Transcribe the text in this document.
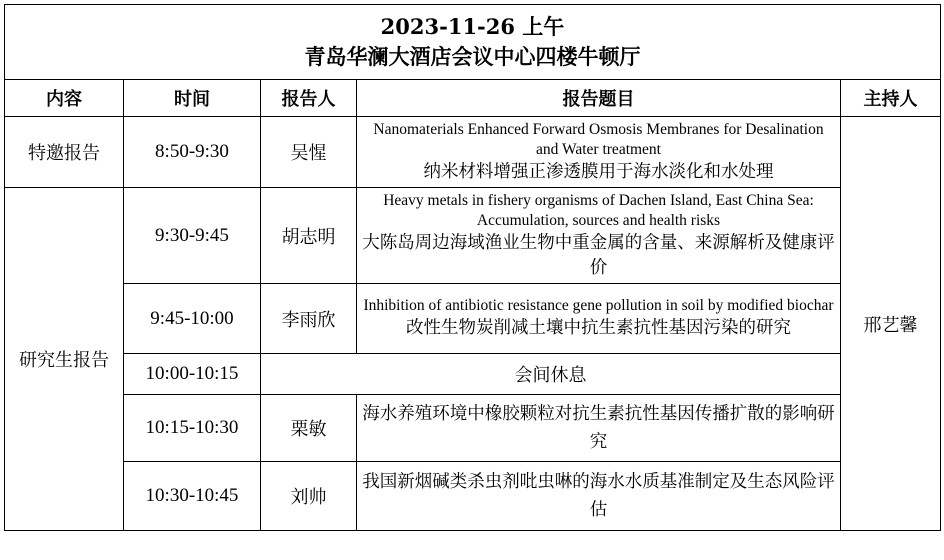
2023-11-26 上午
青岛华澜大酒店会议中心四楼牛顿厅				

内容	时间	报告人	报告题目	主持人
特邀报告	8:50-9:30	吴惺	Nanomaterials Enhanced Forward Osmosis Membranes for Desalination and Water treatment
纳米材料增强正渗透膜用于海水淡化和水处理	邢艺馨
研究生报告	9:30-9:45	胡志明	Heavy metals in fishery organisms of Dachen Island, East China Sea: Accumulation, sources and health risks
大陈岛周边海域渔业生物中重金属的含量、来源解析及健康评价	

	9:45-10:00	李雨欣	Inhibition of antibiotic resistance gene pollution in soil by modified biochar
改性生物炭削减土壤中抗生素抗性基因污染的研究	

	10:00-10:15	会间休息		
	10:15-10:30	栗敏	海水养殖环境中橡胶颗粒对抗生素抗性基因传播扩散的影响研究	
	10:30-10:45	刘帅	我国新烟碱类杀虫剂吡虫啉的海水水质基准制定及生态风险评估	
